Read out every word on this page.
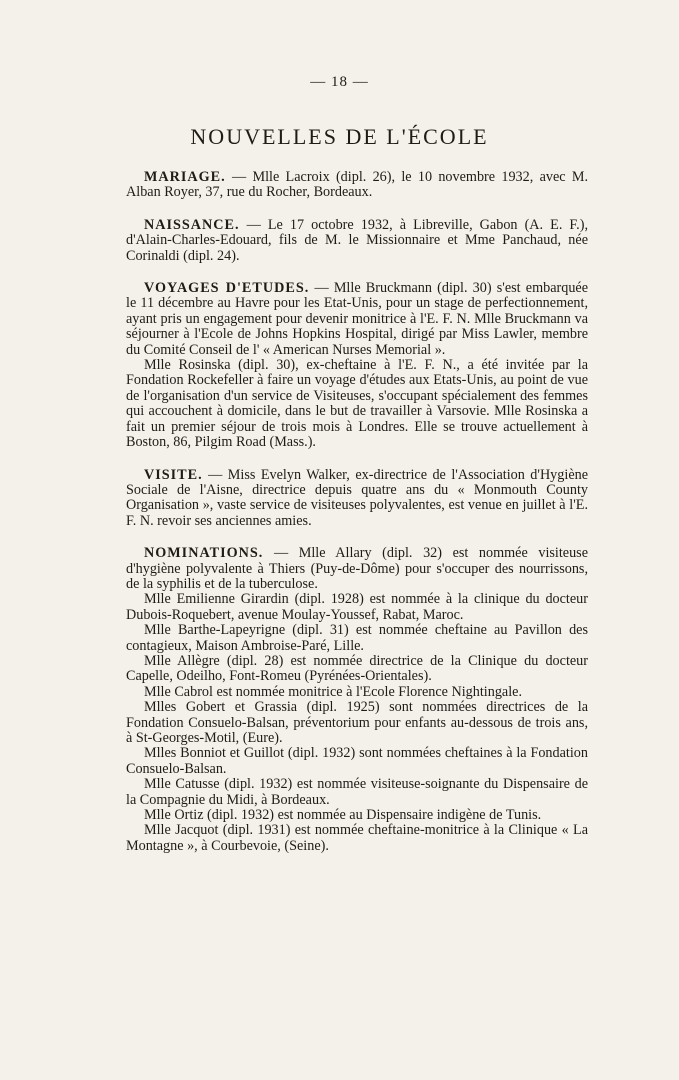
— 18 —
NOUVELLES DE L'ÉCOLE

MARIAGE. — Mlle Lacroix (dipl. 26), le 10 novembre 1932, avec M. Alban Royer, 37, rue du Rocher, Bordeaux.

NAISSANCE. — Le 17 octobre 1932, à Libreville, Gabon (A. E. F.), d'Alain-Charles-Edouard, fils de M. le Missionnaire et Mme Panchaud, née Corinaldi (dipl. 24).

VOYAGES D'ETUDES. — Mlle Bruckmann (dipl. 30) s'est embarquée le 11 décembre au Havre pour les Etat-Unis, pour un stage de perfectionnement, ayant pris un engagement pour devenir monitrice à l'E. F. N. Mlle Bruckmann va séjourner à l'Ecole de Johns Hopkins Hospital, dirigé par Miss Lawler, membre du Comité Conseil de l' « American Nurses Memorial ».

Mlle Rosinska (dipl. 30), ex-cheftaine à l'E. F. N., a été invitée par la Fondation Rockefeller à faire un voyage d'études aux Etats-Unis, au point de vue de l'organisation d'un service de Visiteuses, s'occupant spécialement des femmes qui accouchent à domicile, dans le but de travailler à Varsovie. Mlle Rosinska a fait un premier séjour de trois mois à Londres. Elle se trouve actuellement à Boston, 86, Pilgim Road (Mass.).

VISITE. — Miss Evelyn Walker, ex-directrice de l'Association d'Hygiène Sociale de l'Aisne, directrice depuis quatre ans du « Monmouth County Organisation », vaste service de visiteuses polyvalentes, est venue en juillet à l'E. F. N. revoir ses anciennes amies.

NOMINATIONS. — Mlle Allary (dipl. 32) est nommée visiteuse d'hygiène polyvalente à Thiers (Puy-de-Dôme) pour s'occuper des nourrissons, de la syphilis et de la tuberculose.

Mlle Emilienne Girardin (dipl. 1928) est nommée à la clinique du docteur Dubois-Roquebert, avenue Moulay-Youssef, Rabat, Maroc.

Mlle Barthe-Lapeyrigne (dipl. 31) est nommée cheftaine au Pavillon des contagieux, Maison Ambroise-Paré, Lille.

Mlle Allègre (dipl. 28) est nommée directrice de la Clinique du docteur Capelle, Odeilho, Font-Romeu (Pyrénées-Orientales).

Mlle Cabrol est nommée monitrice à l'Ecole Florence Nightingale.

Mlles Gobert et Grassia (dipl. 1925) sont nommées directrices de la Fondation Consuelo-Balsan, préventorium pour enfants au-dessous de trois ans, à St-Georges-Motil, (Eure).

Mlles Bonniot et Guillot (dipl. 1932) sont nommées cheftaines à la Fondation Consuelo-Balsan.

Mlle Catusse (dipl. 1932) est nommée visiteuse-soignante du Dispensaire de la Compagnie du Midi, à Bordeaux.

Mlle Ortiz (dipl. 1932) est nommée au Dispensaire indigène de Tunis.

Mlle Jacquot (dipl. 1931) est nommée cheftaine-monitrice à la Clinique « La Montagne », à Courbevoie, (Seine).
